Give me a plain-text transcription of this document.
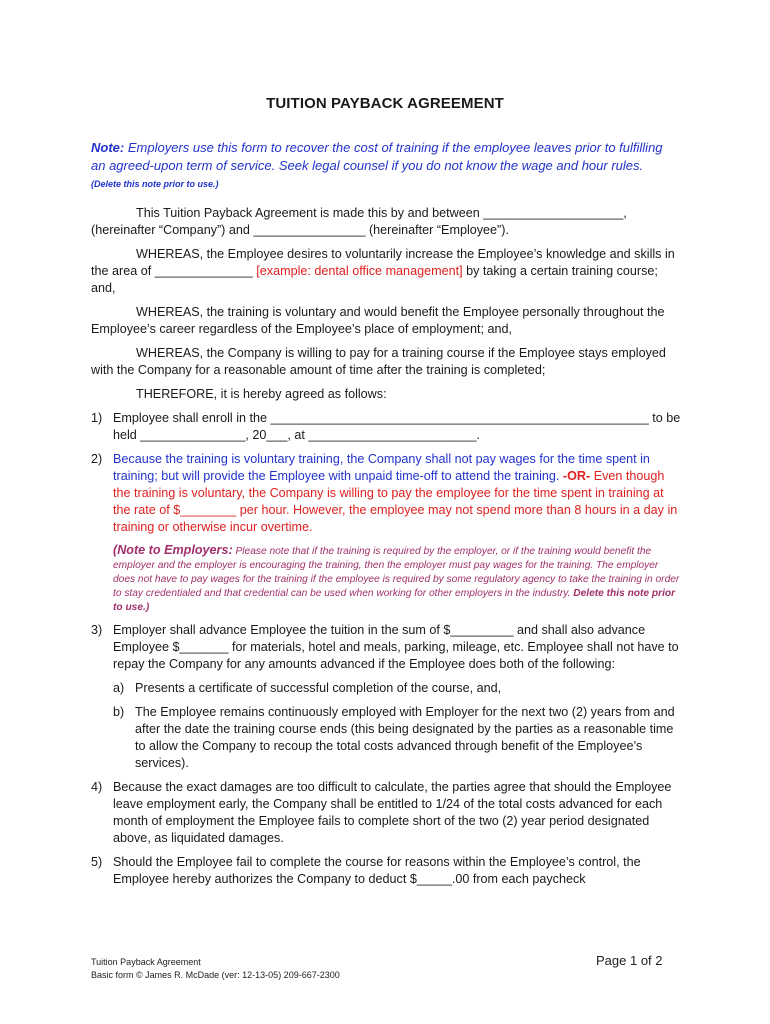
TUITION PAYBACK AGREEMENT
Note: Employers use this form to recover the cost of training if the employee leaves prior to fulfilling an agreed-upon term of service. Seek legal counsel if you do not know the wage and hour rules. (Delete this note prior to use.)

This Tuition Payback Agreement is made this by and between ____________________, (hereinafter “Company”) and ________________ (hereinafter “Employee”).

WHEREAS, the Employee desires to voluntarily increase the Employee’s knowledge and skills in the area of ______________ [example: dental office management] by taking a certain training course; and,

WHEREAS, the training is voluntary and would benefit the Employee personally throughout the Employee’s career regardless of the Employee’s place of employment; and,

WHEREAS, the Company is willing to pay for a training course if the Employee stays employed with the Company for a reasonable amount of time after the training is completed;

THEREFORE, it is hereby agreed as follows:

1) Employee shall enroll in the ______________________________________________________ to be held _______________, 20___, at ________________________.
2) Because the training is voluntary training, the Company shall not pay wages for the time spent in training; but will provide the Employee with unpaid time-off to attend the training. -OR- Even though the training is voluntary, the Company is willing to pay the employee for the time spent in training at the rate of $________ per hour. However, the employee may not spend more than 8 hours in a day in training or otherwise incur overtime.
(Note to Employers: Please note that if the training is required by the employer, or if the training would benefit the employer and the employer is encouraging the training, then the employer must pay wages for the training. The employer does not have to pay wages for the training if the employee is required by some regulatory agency to take the training in order to stay credentialed and that credential can be used when working for other employers in the industry. Delete this note prior to use.)
3) Employer shall advance Employee the tuition in the sum of $_________ and shall also advance Employee $_______ for materials, hotel and meals, parking, mileage, etc. Employee shall not have to repay the Company for any amounts advanced if the Employee does both of the following:
a) Presents a certificate of successful completion of the course, and,
b) The Employee remains continuously employed with Employer for the next two (2) years from and after the date the training course ends (this being designated by the parties as a reasonable time to allow the Company to recoup the total costs advanced through benefit of the Employee’s services).
4) Because the exact damages are too difficult to calculate, the parties agree that should the Employee leave employment early, the Company shall be entitled to 1/24 of the total costs advanced for each month of employment the Employee fails to complete short of the two (2) year period designated above, as liquidated damages.
5) Should the Employee fail to complete the course for reasons within the Employee’s control, the Employee hereby authorizes the Company to deduct $_____.00 from each paycheck
Tuition Payback Agreement
Basic form © James R. McDade (ver: 12-13-05) 209-667-2300
Page 1 of 2
